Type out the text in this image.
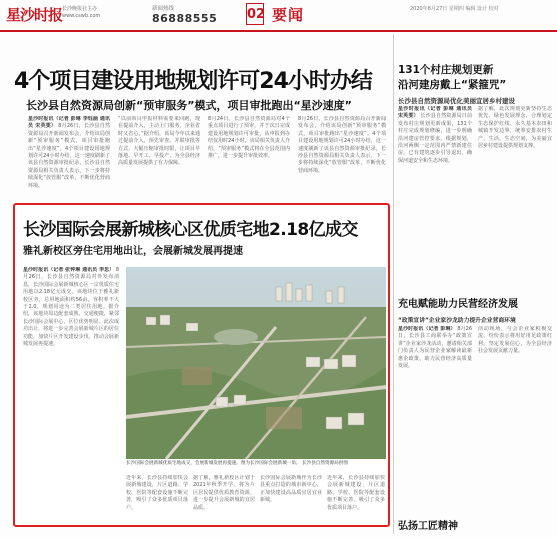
星沙时报 长沙晚报社主办 www.cswb.com
新闻热线
86888555 02 要闻	2020年8月27日 星期四 编辑 设计 校对
4个项目建设用地规划许可24小时办结
长沙县自然资源局创新“预审服务”模式，项目审批跑出“星沙速度”
星沙时报讯（记者 彭琳 李钰涵 通讯员 宋英雯） 8月26日，长沙县自然资源局召开新闻发布会，介绍该局创新“预审服务”模式，项目审批跑出“星沙速度”。4个项目建设用地规划许可24小时办结，这一速度刷新了该县自然资源审批纪录，长沙县自然资源局相关负责人表示，下一步将持续深化“放管服”改革，不断优化营商环境。
“以前项目申报材料需要来回跑，现在提前介入，主动上门服务，企业省时又省心。”据介绍，该局今年以来通过提前介入、预先审查、并联审批等方式，大幅压缩审批时限，让项目早落地、早开工、早投产，为全县经济高质量发展提供了有力保障。
8月24日，长沙县自然资源局对4个重点项目进行了预审，并于次日完成建设用地规划许可审批，从申报到办结仅用时24小时。该局相关负责人介绍，“预审服务”模式将在全县范围内推广，进一步提升审批效率。
8月26日，长沙县自然资源局召开新闻发布会，介绍该局创新“预审服务”模式，项目审批跑出“星沙速度”。4个项目建设用地规划许可24小时办结，这一速度刷新了该县自然资源审批纪录，长沙县自然资源局相关负责人表示，下一步将持续深化“放管服”改革，不断优化营商环境。
131个村庄规划更新
沿河建房戴上“紧箍咒”
长沙县自然资源局优化美丽宜居乡村建设
星沙时报讯（记者 彭琳 通讯员 宋英雯） 长沙县自然资源局日前发布村庄规划更新成果，131个村庄完成规划修编，进一步明确沿河建房管控要求。根据规划，沿河两侧一定范围内严禁新建住房，已有建筑逐步引导退出，确保河道安全和生态环境。
据了解，此次规划更新坚持生态优先、绿色发展理念，合理划定生态保护红线、永久基本农田和城镇开发边界，统筹安排农村生产、生活、生态空间，为美丽宜居乡村建设提供规划支撑。
充电赋能助力民营经济发展
“政策宣讲”企业家沙龙助力提升企业营商环境
星沙时报讯（记者 彭琳） 8月26日，长沙县工商联举办“政策宣讲”企业家沙龙活动，邀请相关部门负责人为民营企业家解读最新惠企政策，助力民营经济高质量发展。
活动现场，与会企业家积极交流，纷纷表示将用好用足政策红利，坚定发展信心，为全县经济社会发展贡献力量。
弘扬工匠精神
长沙国际会展新城核心区优质宅地2.18亿成交
雅礼新校区旁住宅用地出让，会展新城发展再提速
星沙时报讯（记者 张钟琳 通讯员 李思） 8月26日，长沙县自然资源局对外发布消息，长沙国际会展新城核心区一宗优质住宅用地以2.18亿元成交。该地块位于雅礼新校区旁，总用地面积约56亩，容积率不大于2.0，规划用途为二类居住用地。据介绍，该地块周边配套成熟，交通便捷，紧邻长沙国际会展中心，区位优势明显。此次成功出让，将进一步完善会展新城片区的居住功能，加快片区开发建设步伐，推动会展新城发展再提速。
长沙国际会展新城优质宅地成交，会展新城发展再提速。图为长沙国际会展新城一角。 长沙县自然资源局供图
近年来，长沙县持续加快会展新城建设，片区道路、学校、医院等配套设施不断完善，吸引了众多优质项目落户。
据了解，雅礼新校区计划于2021年秋季开学，将为片区居民提供优质教育资源，进一步提升会展新城的宜居品质。
长沙国际会展新城作为长沙县重点打造的城市新中心，正加快建设高品质宜居宜业新城。
近年来，长沙县持续加快会展新城建设，片区道路、学校、医院等配套设施不断完善，吸引了众多优质项目落户。
